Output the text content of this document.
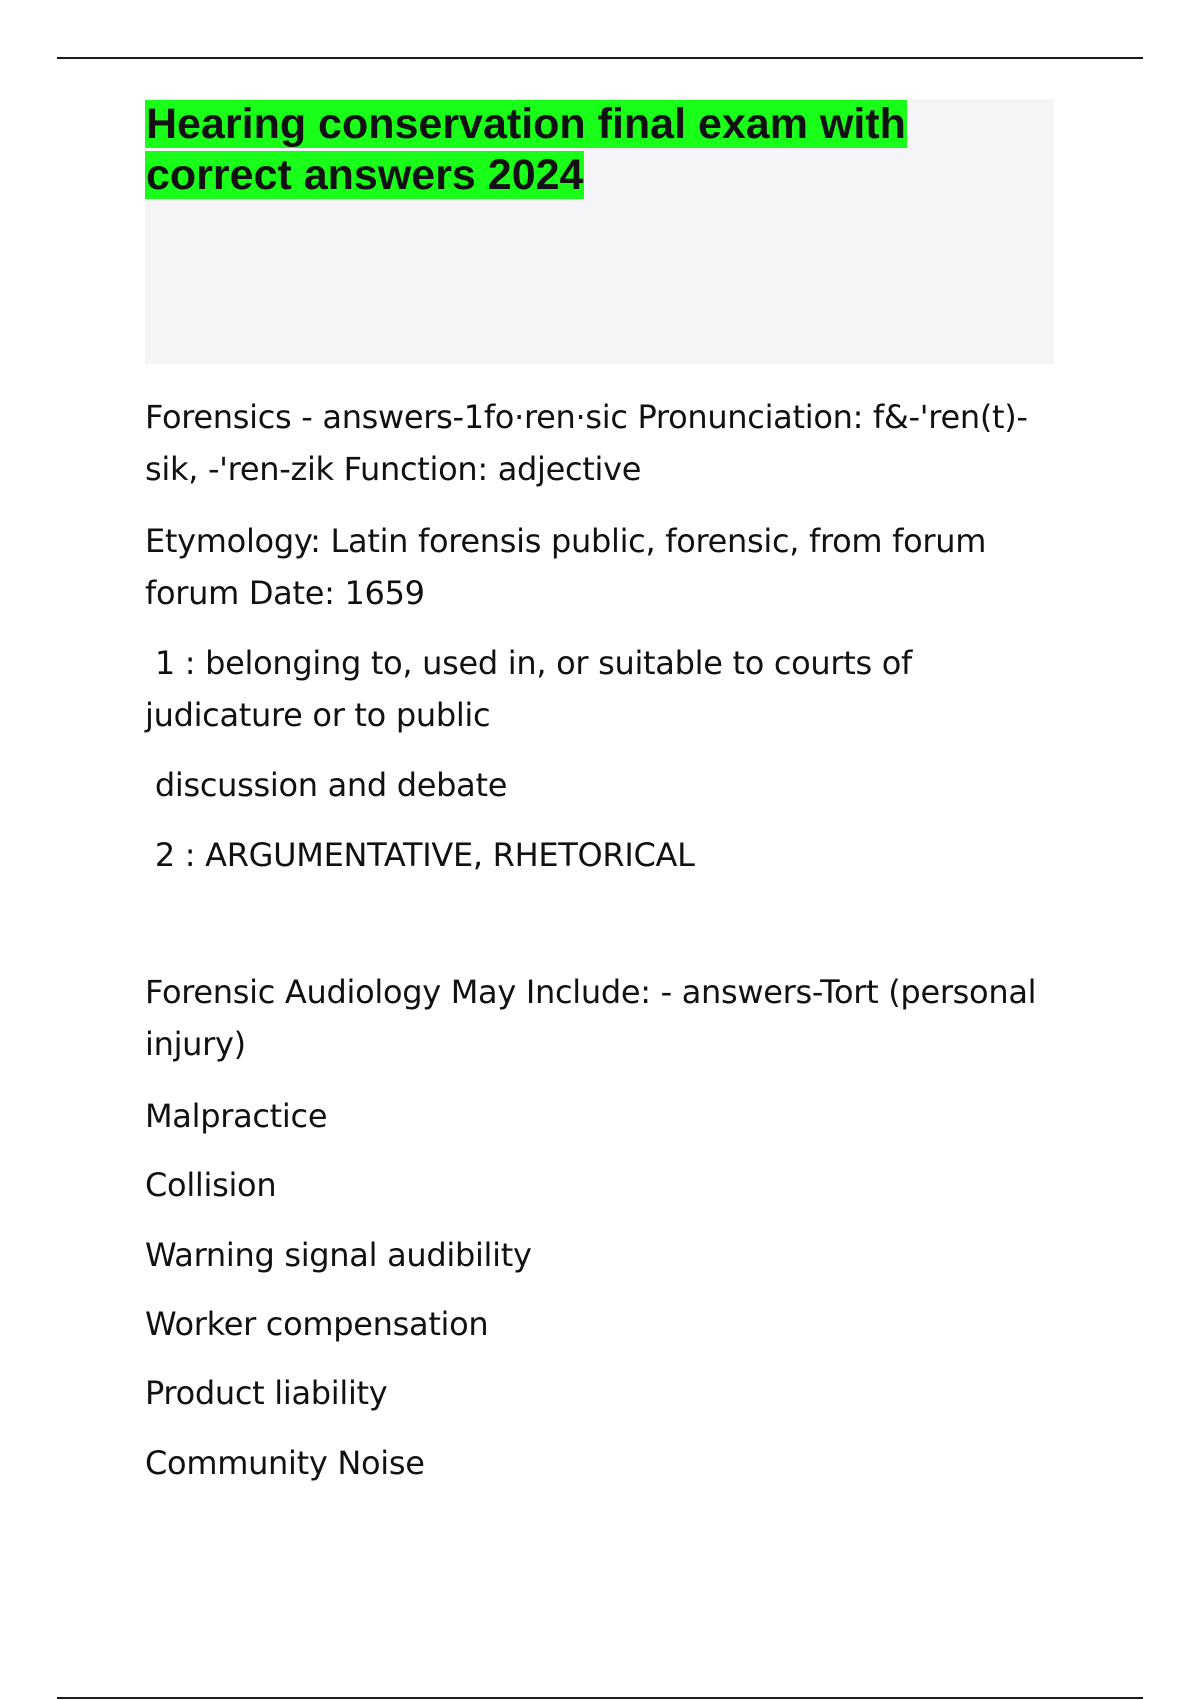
Hearing conservation final exam with
correct answers 2024

Forensics - answers-1fo·ren·sic Pronunciation: f&-'ren(t)-sik, -'ren-zik Function: adjective

Etymology: Latin forensis public, forensic, from forum forum Date: 1659

1 : belonging to, used in, or suitable to courts of judicature or to public

discussion and debate

2 : ARGUMENTATIVE, RHETORICAL

Forensic Audiology May Include: - answers-Tort (personal injury)

Malpractice

Collision

Warning signal audibility

Worker compensation

Product liability

Community Noise
